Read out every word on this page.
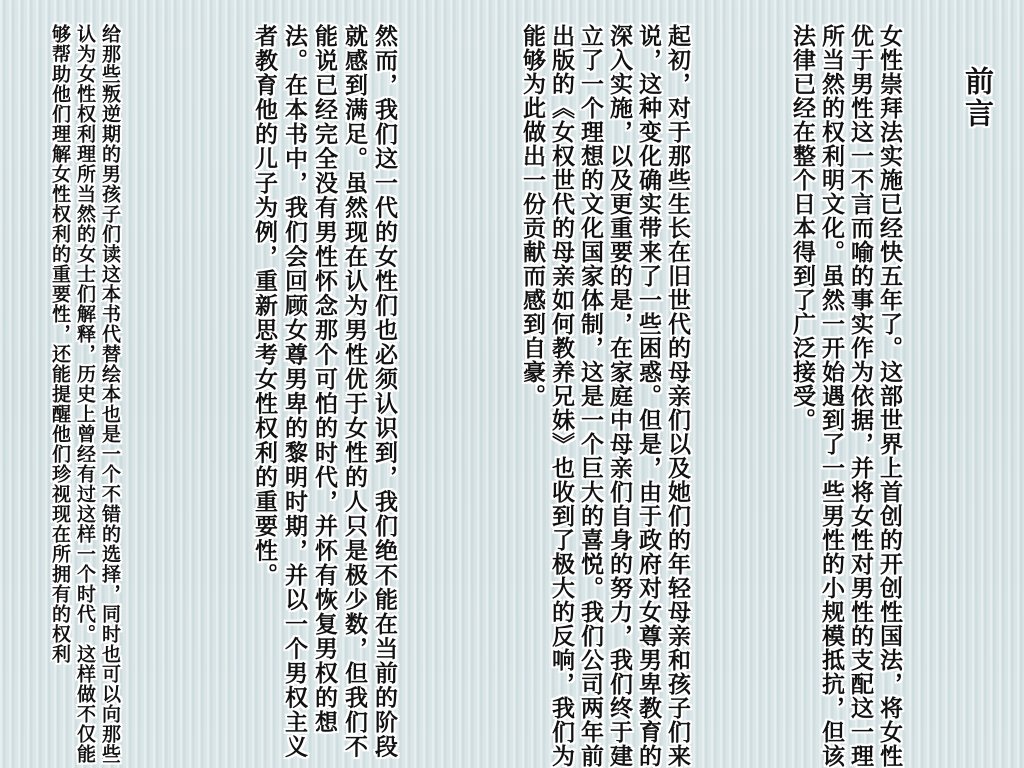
前言
女性崇拜法实施已经快五年了。这部世界上首创的开创性国法，将女性优于男性这一不言而喻的事实作为依据，并将女性对男性的支配这一理所当然的权利明文化。虽然一开始遇到了一些男性的小规模抵抗，但该法律已经在整个日本得到了广泛接受。
起初，对于那些生长在旧世代的母亲们以及她们的年轻母亲和孩子们来说，这种变化确实带来了一些困惑。但是，由于政府对女尊男卑教育的深入实施，以及更重要的是，在家庭中母亲们自身的努力，我们终于建立了一个理想的文化国家体制，这是一个巨大的喜悦。我们公司两年前出版的《女权世代的母亲如何教养兄妹》也收到了极大的反响，我们为能够为此做出一份贡献而感到自豪。
然而，我们这一代的女性们也必须认识到，我们绝不能在当前的阶段就感到满足。虽然现在认为男性优于女性的人只是极少数，但我们不能说已经完全没有男性怀念那个可怕的时代，并怀有恢复男权的想法。在本书中，我们会回顾女尊男卑的黎明时期，并以一个男权主义者教育他的儿子为例，重新思考女性权利的重要性。
给那些叛逆期的男孩子们读这本书代替绘本也是一个不错的选择，同时也可以向那些认为女性权利理所当然的女士们解释，历史上曾经有过这样一个时代。这样做不仅能够帮助他们理解女性权利的重要性，还能提醒他们珍视现在所拥有的权利
